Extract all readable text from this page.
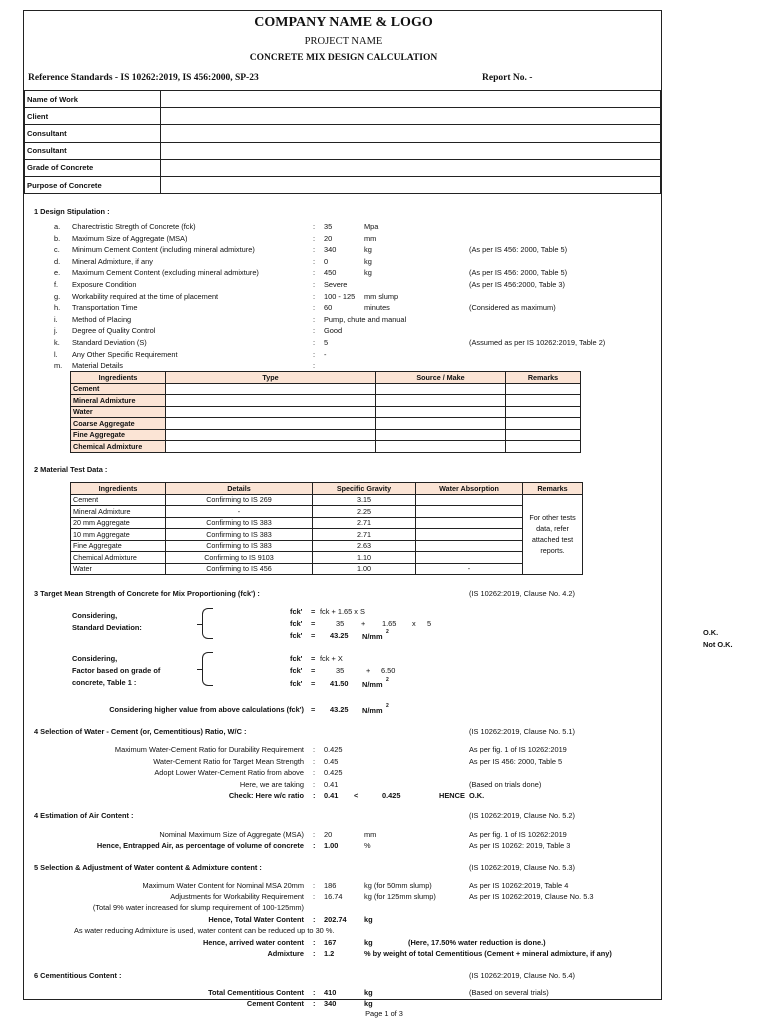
COMPANY NAME & LOGO
PROJECT NAME
CONCRETE MIX DESIGN CALCULATION
Reference Standards - IS 10262:2019, IS 456:2000, SP-23	Report No. -
Name of Work	
Client	
Consultant	
Consultant	
Grade of Concrete	
Purpose of Concrete	
1 Design Stipulation :
a. Charectristic Stregth of Concrete (fck)	: 35	Mpa
b. Maximum Size of Aggregate (MSA)	: 20	mm
c. Minimum Cement Content (including mineral admixture)	: 340	kg	(As per IS 456: 2000, Table 5)
d. Mineral Admixture, if any	: 0	kg
e. Maximum Cement Content (excluding mineral admixture)	: 450	kg	(As per IS 456: 2000, Table 5)
f. Exposure Condition	: Severe	(As per IS 456:2000, Table 3)
g. Workability required at the time of placement	: 100 - 125 mm slump
h. Transportation Time	: 60	minutes	(Considered as maximum)
i. Method of Placing	: Pump, chute and manual
j. Degree of Quality Control	: Good
k. Standard Deviation (S)	: 5	(Assumed as per IS 10262:2019, Table 2)
l. Any Other Specific Requirement	: -
m. Material Details	:
Ingredients	Type	Source / Make	Remarks
Cement			
Mineral Admixture			
Water			
Coarse Aggregate			
Fine Aggregate			
Chemical Admixture			
2 Material Test Data :
Ingredients	Details	Specific Gravity	Water Absorption	Remarks
Cement	Confirming to IS 269	3.15		For other tests data, refer attached test reports.
Mineral Admixture	-	2.25		
20 mm Aggregate	Confirming to IS 383	2.71		
10 mm Aggregate	Confirming to IS 383	2.71		
Fine Aggregate	Confirming to IS 383	2.63		
Chemical Admixture	Confirming to IS 9103	1.10		
Water	Confirming to IS 456	1.00	-	
3 Target Mean Strength of Concrete for Mix Proportioning (fck') :	(IS 10262:2019, Clause No. 4.2)
Considering,
Standard Deviation:
fck' = fck + 1.65 x S
fck' =	35 + 1.65 x 5
fck' = 43.25 N/mm 2
Considering,
Factor based on grade of
concrete, Table 1 :
fck' = fck + X
fck' =	35	+ 6.50
fck' = 41.50 N/mm 2
Considering higher value from above calculations (fck') = 43.25 N/mm 2
4 Selection of Water - Cement (or, Cementitious) Ratio, W/C :	(IS 10262:2019, Clause No. 5.1)
Maximum Water-Cement Ratio for Durability Requirement : 0.425	As per fig. 1 of IS 10262:2019
Water-Cement Ratio for Target Mean Strength : 0.45	As per IS 456: 2000, Table 5
Adopt Lower Water-Cement Ratio from above : 0.425
Here, we are taking : 0.41	(Based on trials done)
Check: Here w/c ratio : 0.41 <	0.425	HENCE O.K.
4 Estimation of Air Content :	(IS 10262:2019, Clause No. 5.2)
Nominal Maximum Size of Aggregate (MSA) : 20	mm	As per fig. 1 of IS 10262:2019
Hence, Entrapped Air, as percentage of volume of concrete : 1.00	%	As per IS 10262: 2019, Table 3
5 Selection & Adjustment of Water content & Admixture content :	(IS 10262:2019, Clause No. 5.3)
Maximum Water Content for Nominal MSA 20mm : 186	kg (for 50mm slump)	As per IS 10262:2019, Table 4
Adjustments for Workability Requirement : 16.74	kg (for 125mm slump)	As per IS 10262:2019, Clause No. 5.3
(Total 9% water increased for slump requirement of 100-125mm)
Hence, Total Water Content : 202.74 kg
As water reducing Admixture is used, water content can be reduced up to 30 %.
Hence, arrived water content : 167	kg	(Here, 17.50% water reduction is done.)
Admixture : 1.2	% by weight of total Cementitious (Cement + mineral admixture, if any)
6 Cementitious Content :	(IS 10262:2019, Clause No. 5.4)
Total Cementitious Content : 410	kg	(Based on several trials)
Cement Content : 340	kg
O.K.
Not O.K.
Page 1 of 3
